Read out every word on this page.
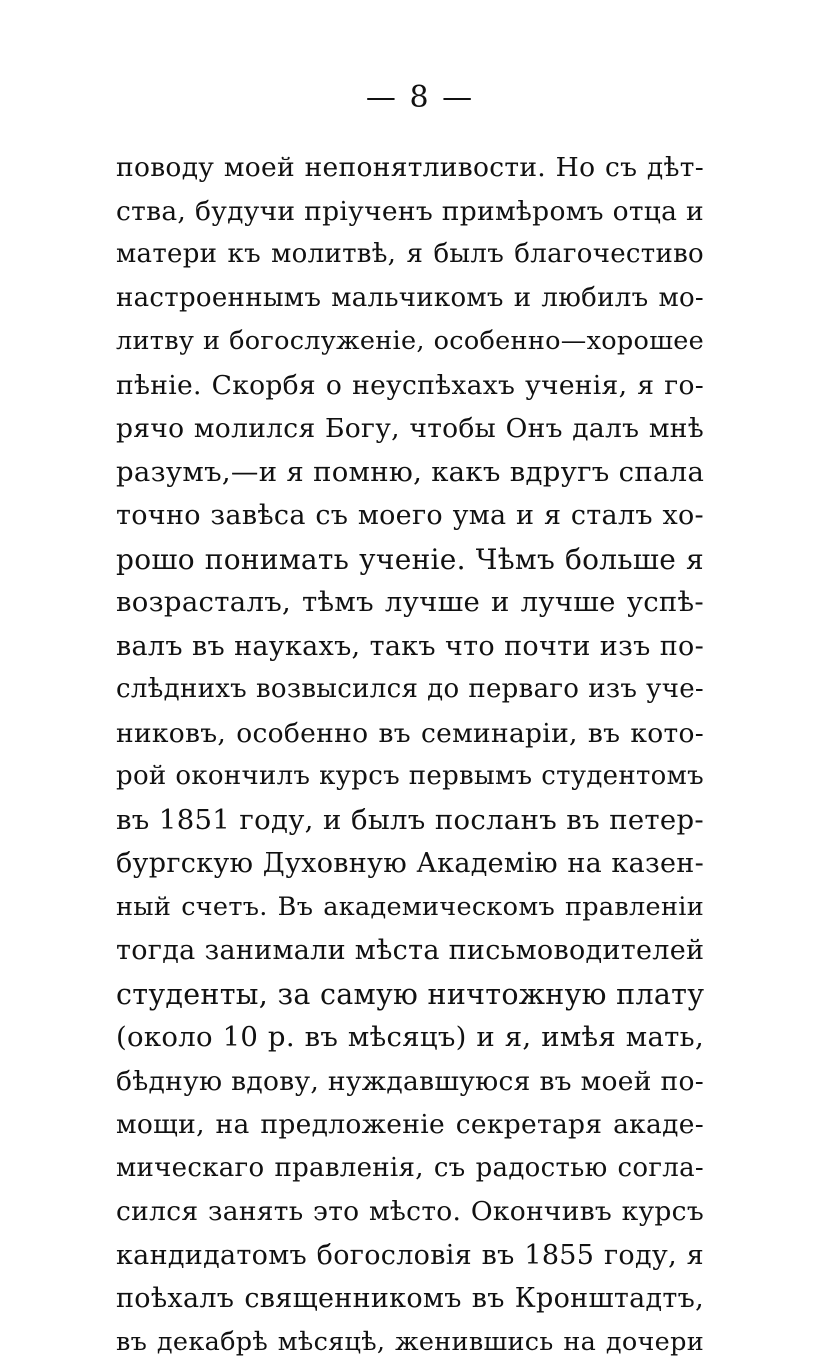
— 8 —
поводу моей непонятливости. Но съ дѣт-
ства, будучи пріученъ примѣромъ отца и
матери къ молитвѣ, я былъ благочестиво
настроеннымъ мальчикомъ и любилъ мо-
литву и богослуженіе, особенно—хорошее
пѣніе. Скорбя о неуспѣхахъ ученія, я го-
рячо молился Богу, чтобы Онъ далъ мнѣ
разумъ,—и я помню, какъ вдругъ спала
точно завѣса съ моего ума и я сталъ хо-
рошо понимать ученіе. Чѣмъ больше я
возрасталъ, тѣмъ лучше и лучше успѣ-
валъ въ наукахъ, такъ что почти изъ по-
слѣднихъ возвысился до перваго изъ уче-
никовъ, особенно въ семинаріи, въ кото-
рой окончилъ курсъ первымъ студентомъ
въ 1851 году, и былъ посланъ въ петер-
бургскую Духовную Академію на казен-
ный счетъ. Въ академическомъ правленіи
тогда занимали мѣста письмоводителей
студенты, за самую ничтожную плату
(около 10 р. въ мѣсяцъ) и я, имѣя мать,
бѣдную вдову, нуждавшуюся въ моей по-
мощи, на предложеніе секретаря акаде-
мическаго правленія, съ радостью согла-
сился занять это мѣсто. Окончивъ курсъ
кандидатомъ богословія въ 1855 году, я
поѣхалъ священникомъ въ Кронштадтъ,
въ декабрѣ мѣсяцѣ, женившись на дочери
